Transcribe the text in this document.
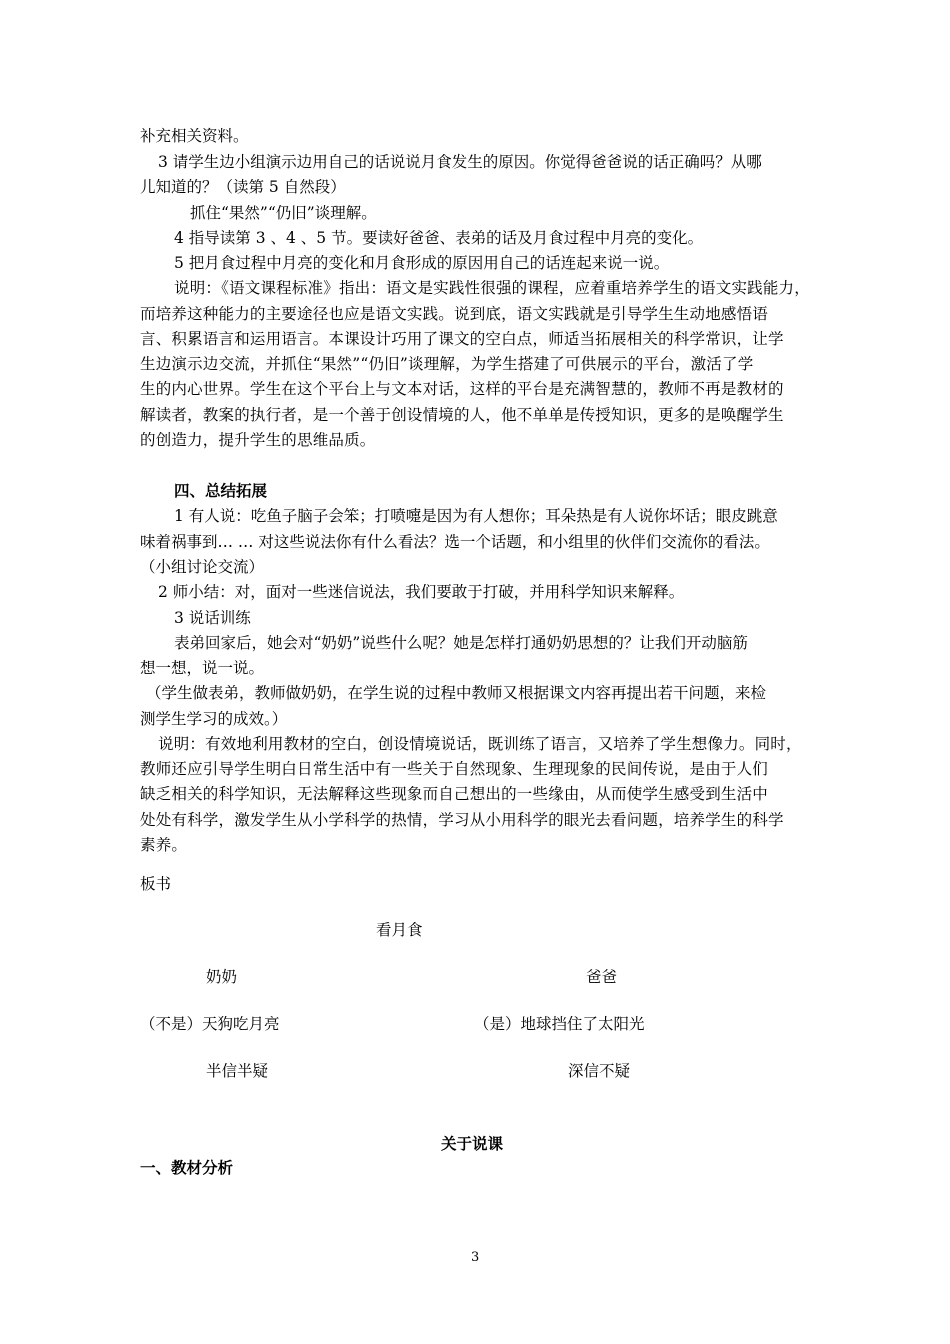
补充相关资料。
3 请学生边小组演示边用自己的话说说月食发生的原因。你觉得爸爸说的话正确吗？从哪
儿知道的？（读第 5 自然段）
抓住“果然”“仍旧”谈理解。
4 指导读第 3 、4 、5 节。要读好爸爸、表弟的话及月食过程中月亮的变化。
5 把月食过程中月亮的变化和月食形成的原因用自己的话连起来说一说。
说明：《语文课程标准》指出：语文是实践性很强的课程，应着重培养学生的语文实践能力，
而培养这种能力的主要途径也应是语文实践。说到底，语文实践就是引导学生生动地感悟语
言、积累语言和运用语言。本课设计巧用了课文的空白点，师适当拓展相关的科学常识，让学
生边演示边交流，并抓住“果然”“仍旧”谈理解，为学生搭建了可供展示的平台，激活了学
生的内心世界。学生在这个平台上与文本对话，这样的平台是充满智慧的，教师不再是教材的
解读者，教案的执行者，是一个善于创设情境的人，他不单单是传授知识，更多的是唤醒学生
的创造力，提升学生的思维品质。
四、总结拓展
1 有人说：吃鱼子脑子会笨；打喷嚏是因为有人想你；耳朵热是有人说你坏话；眼皮跳意
味着祸事到… … 对这些说法你有什么看法？选一个话题，和小组里的伙伴们交流你的看法。
（小组讨论交流）
2 师小结：对，面对一些迷信说法，我们要敢于打破，并用科学知识来解释。
3 说话训练
表弟回家后，她会对“奶奶”说些什么呢？她是怎样打通奶奶思想的？让我们开动脑筋
想一想，说一说。
（学生做表弟，教师做奶奶，在学生说的过程中教师又根据课文内容再提出若干问题，来检
测学生学习的成效。）
说明：有效地利用教材的空白，创设情境说话，既训练了语言，又培养了学生想像力。同时，
教师还应引导学生明白日常生活中有一些关于自然现象、生理现象的民间传说，是由于人们
缺乏相关的科学知识，无法解释这些现象而自己想出的一些缘由，从而使学生感受到生活中
处处有科学，激发学生从小学科学的热情，学习从小用科学的眼光去看问题，培养学生的科学
素养。
板书
看月食
奶奶	爸爸
（不是）天狗吃月亮	（是）地球挡住了太阳光
半信半疑	深信不疑
关于说课
一、教材分析
3
